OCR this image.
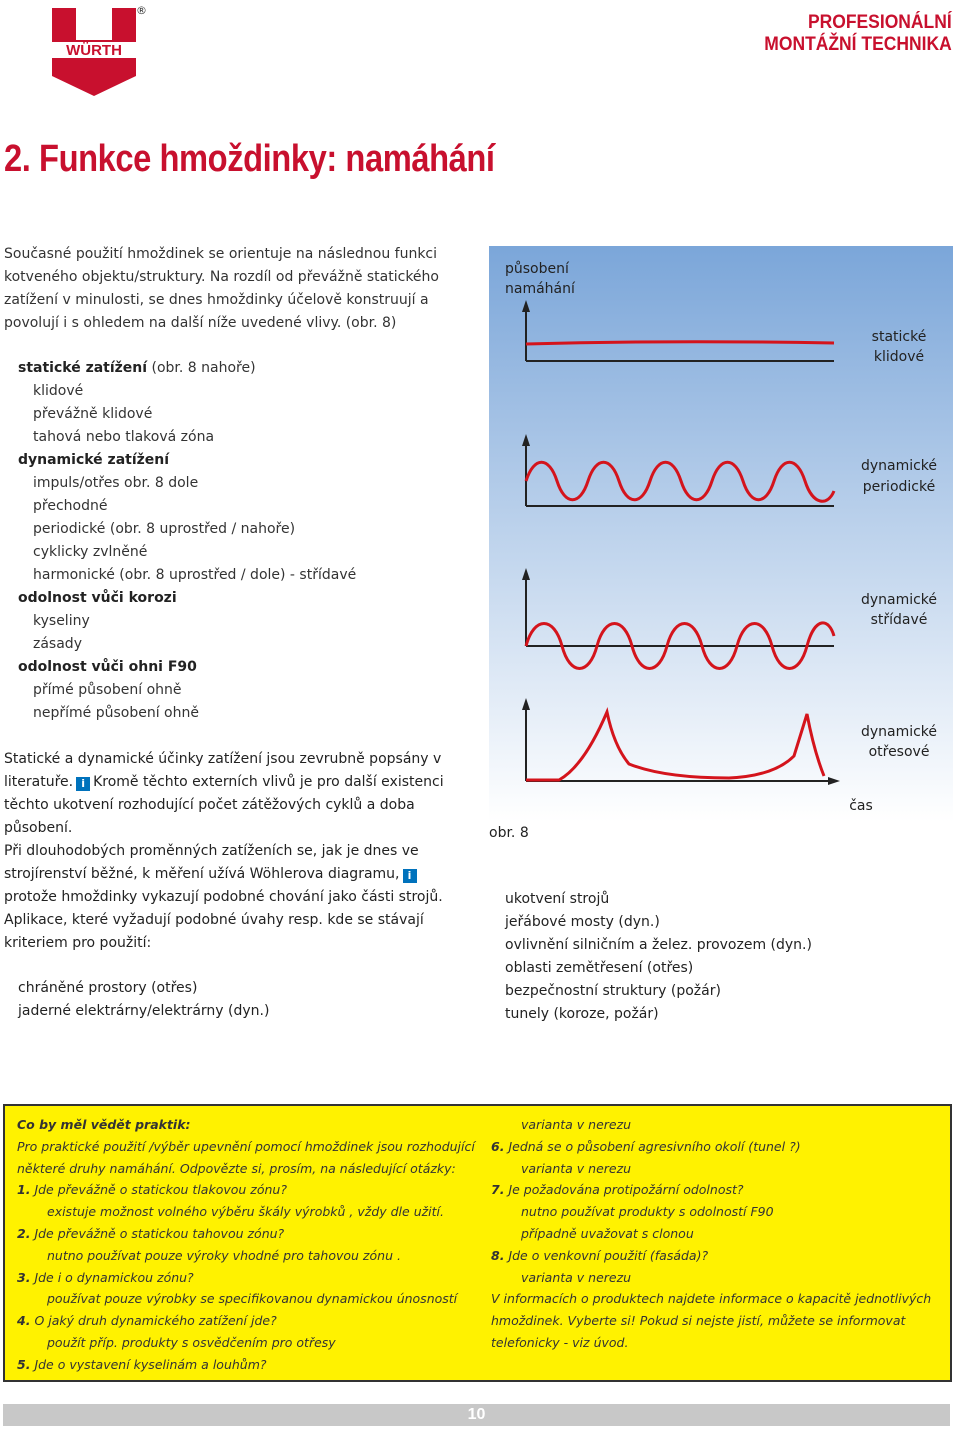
WÜRTH
®
PROFESIONÁLNÍ
MONTÁŽNÍ TECHNIKA
2. Funkce hmoždinky: namáhání
Současné použití hmoždinek se orientuje na následnou funkci kotveného objektu/struktury. Na rozdíl od převážně statického zatížení v minulosti, se dnes hmoždinky účelově konstruují a povolují i s ohledem na další níže uvedené vlivy. (obr. 8)
statické zatížení (obr. 8 nahoře)
klidové
převážně klidové
tahová nebo tlaková zóna
dynamické zatížení
impuls/otřes obr. 8 dole
přechodné
periodické (obr. 8 uprostřed / nahoře)
cyklicky zvlněné
harmonické (obr. 8 uprostřed / dole) - střídavé
odolnost vůči korozi
kyseliny
zásady
odolnost vůči ohni F90
přímé působení ohně
nepřímé působení ohně
Statické a dynamické účinky zatížení jsou zevrubně popsány v literatuře. i Kromě těchto externích vlivů je pro další existenci těchto ukotvení rozhodující počet zátěžových cyklů a doba působení.
Při dlouhodobých proměnných zatíženích se, jak je dnes ve strojírenství běžné, k měření užívá Wöhlerova diagramu, i
protože hmoždinky vykazují podobné chování jako části strojů.
Aplikace, které vyžadují podobné úvahy resp. kde se stávají kriteriem pro použití:
chráněné prostory (otřes)
jaderné elektrárny/elektrárny (dyn.)
působení
namáhání
statické
klidové
dynamické
periodické
dynamické
střídavé
dynamické
otřesové
čas
obr. 8
ukotvení strojů
jeřábové mosty (dyn.)
ovlivnění silničním a želez. provozem (dyn.)
oblasti zemětřesení (otřes)
bezpečnostní struktury (požár)
tunely (koroze, požár)
Co by měl vědět praktik:
Pro praktické použití /výběr upevnění pomocí hmoždinek jsou rozhodující některé druhy namáhání. Odpovězte si, prosím, na následující otázky:
1. Jde převážně o statickou tlakovou zónu?
existuje možnost volného výběru škály výrobků , vždy dle užití.
2. Jde převážně o statickou tahovou zónu?
nutno používat pouze výroky vhodné pro tahovou zónu .
3. Jde i o dynamickou zónu?
používat pouze výrobky se specifikovanou dynamickou únosností
4. O jaký druh dynamického zatížení jde?
použít příp. produkty s osvědčením pro otřesy
5. Jde o vystavení kyselinám a louhům?
varianta v nerezu
6. Jedná se o působení agresivního okolí (tunel ?)
varianta v nerezu
7. Je požadována protipožární odolnost?
nutno používat produkty s odolností F90
případně uvažovat s clonou
8. Jde o venkovní použití (fasáda)?
varianta v nerezu
V informacích o produktech najdete informace o kapacitě jednotlivých hmoždinek. Vyberte si! Pokud si nejste jistí, můžete se informovat telefonicky - viz úvod.
10
